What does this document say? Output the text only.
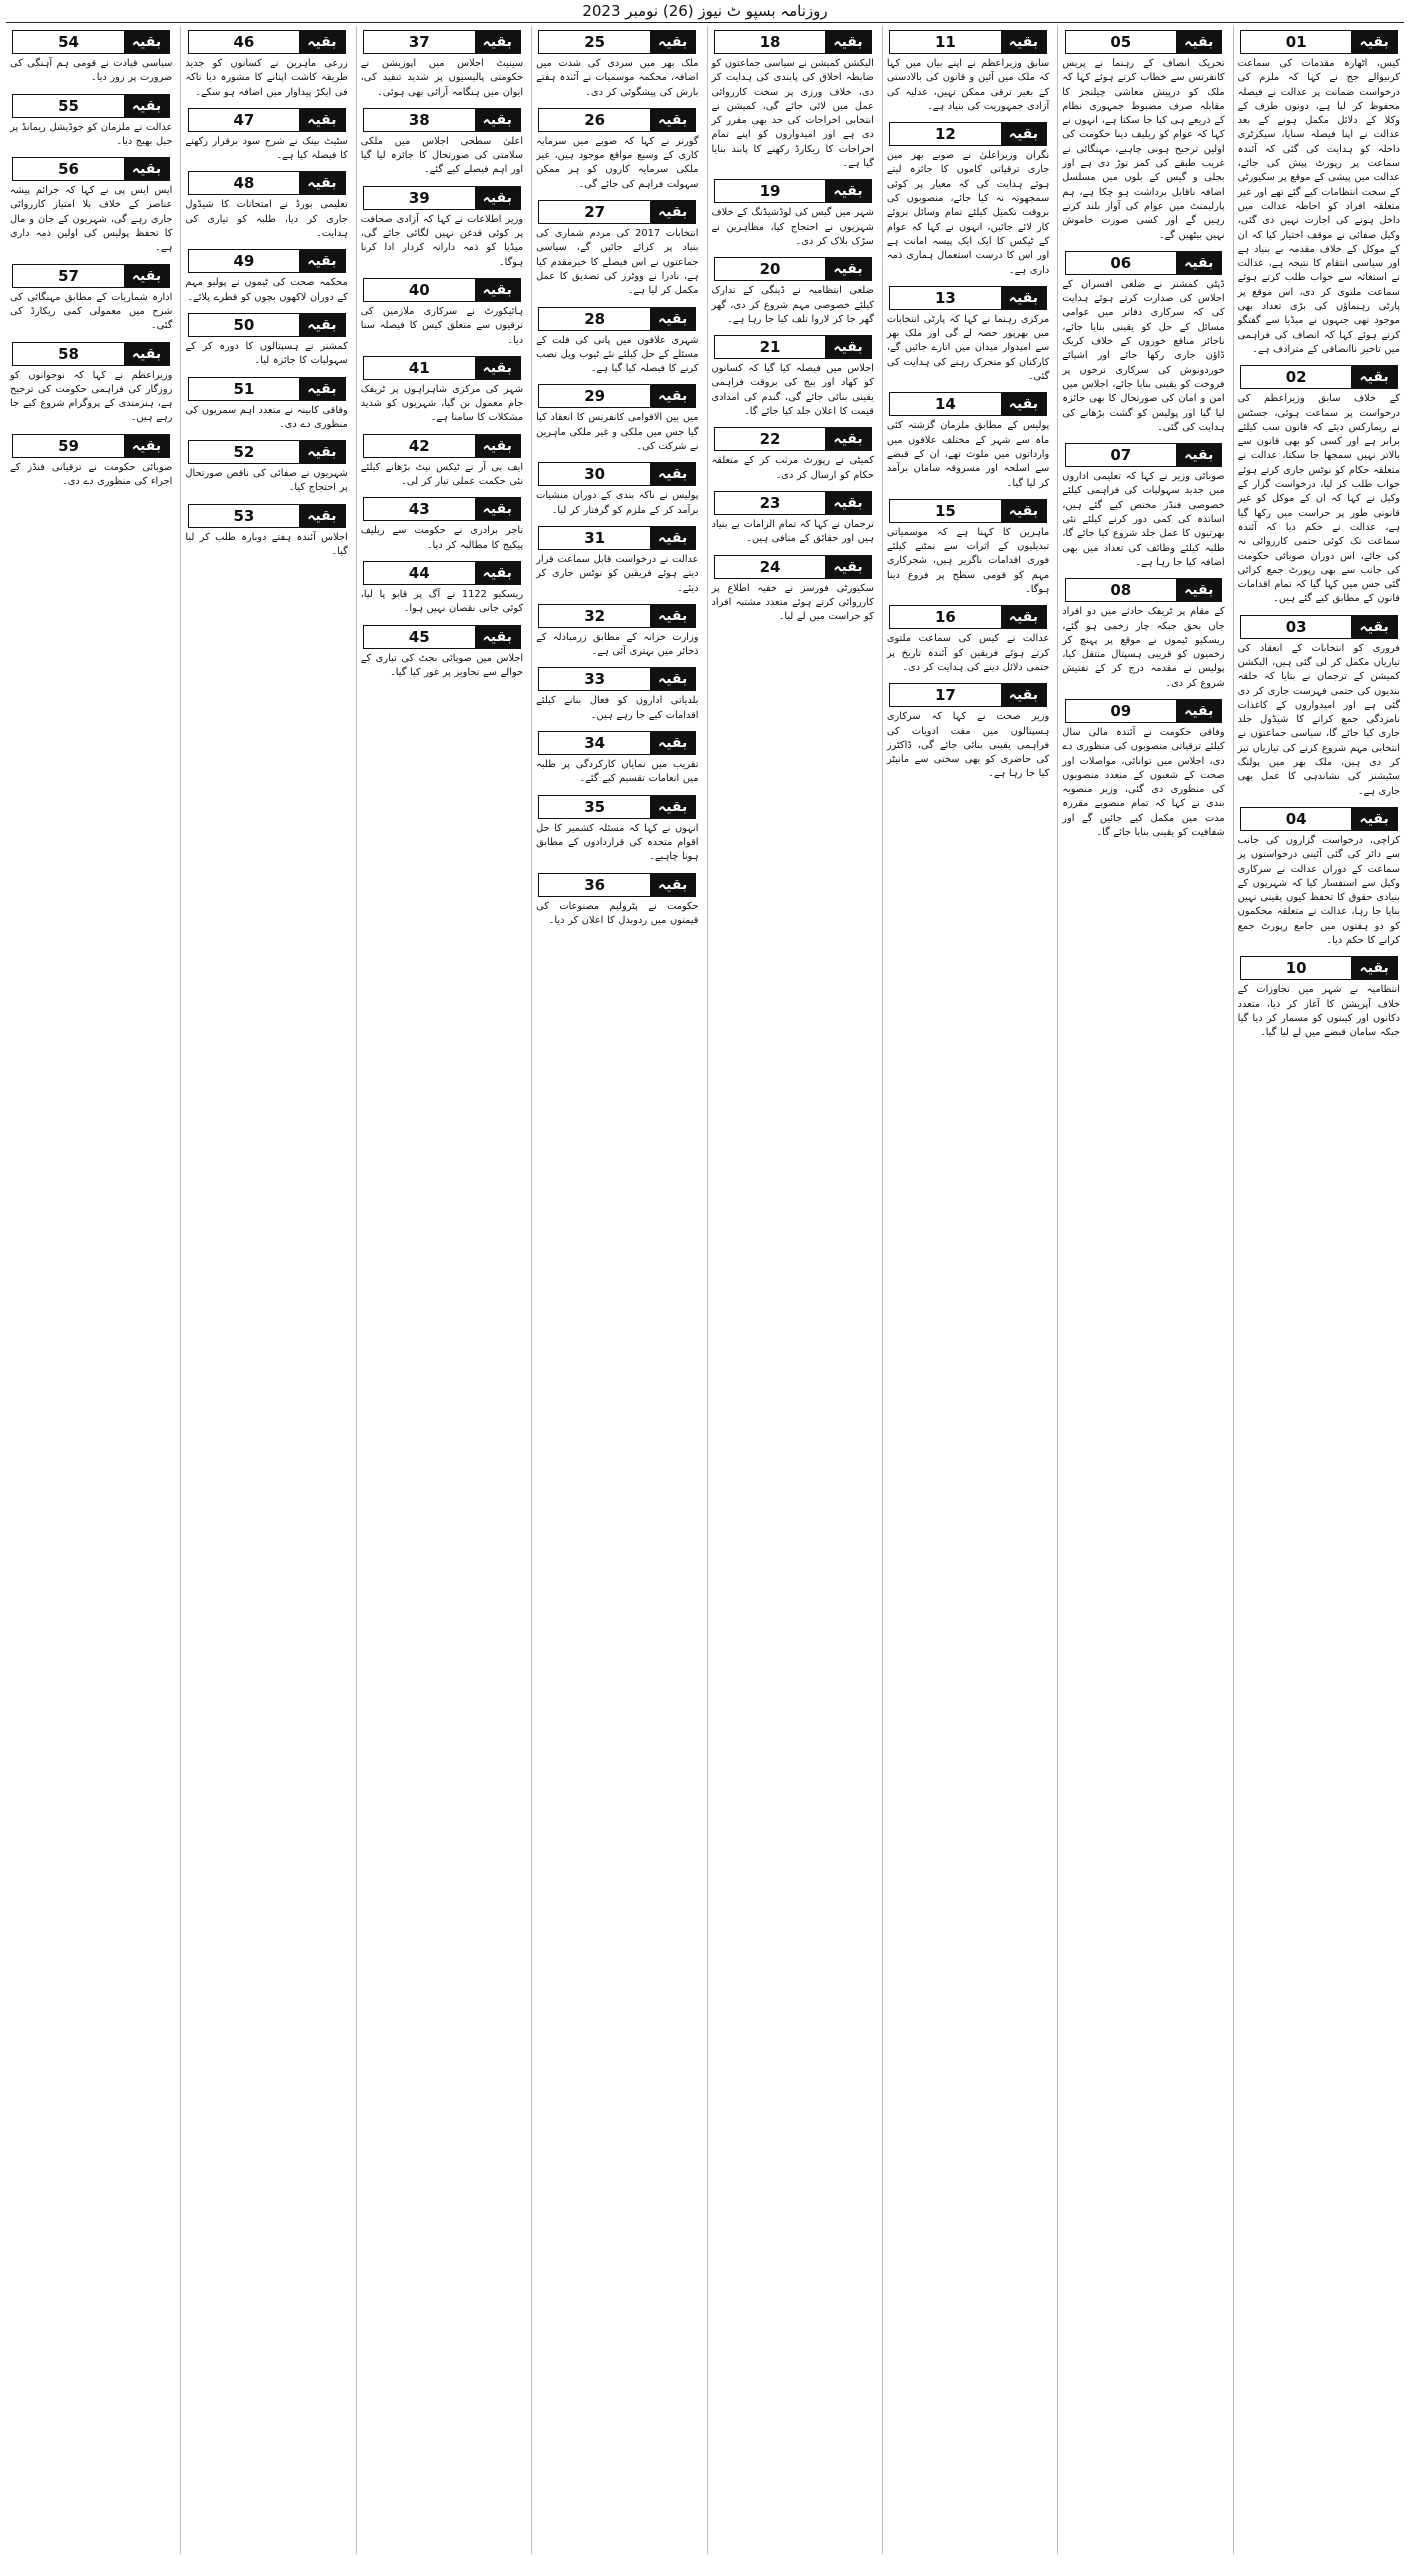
روزنامہ بسپو ٹ نیوز (26) نومبر 2023
بقیہ
01
کیس، اٹھارہ مقدمات کی سماعت کرنیوالے جج نے کہا کہ ملزم کی درخواست ضمانت پر عدالت نے فیصلہ محفوظ کر لیا ہے، دونوں طرف کے وکلا کے دلائل مکمل ہونے کے بعد عدالت نے اپنا فیصلہ سنایا، سیکرٹری داخلہ کو ہدایت کی گئی کہ آئندہ سماعت پر رپورٹ پیش کی جائے، عدالت میں پیشی کے موقع پر سکیورٹی کے سخت انتظامات کیے گئے تھے اور غیر متعلقہ افراد کو احاطہ عدالت میں داخل ہونے کی اجازت نہیں دی گئی، وکیل صفائی نے موقف اختیار کیا کہ ان کے موکل کے خلاف مقدمہ بے بنیاد ہے اور سیاسی انتقام کا نتیجہ ہے، عدالت نے استغاثہ سے جواب طلب کرتے ہوئے سماعت ملتوی کر دی، اس موقع پر پارٹی رہنماؤں کی بڑی تعداد بھی موجود تھی جنہوں نے میڈیا سے گفتگو کرتے ہوئے کہا کہ انصاف کی فراہمی میں تاخیر ناانصافی کے مترادف ہے۔
بقیہ
02
کے خلاف سابق وزیراعظم کی درخواست پر سماعت ہوئی، جسٹس نے ریمارکس دیئے کہ قانون سب کیلئے برابر ہے اور کسی کو بھی قانون سے بالاتر نہیں سمجھا جا سکتا، عدالت نے متعلقہ حکام کو نوٹس جاری کرتے ہوئے جواب طلب کر لیا، درخواست گزار کے وکیل نے کہا کہ ان کے موکل کو غیر قانونی طور پر حراست میں رکھا گیا ہے، عدالت نے حکم دیا کہ آئندہ سماعت تک کوئی حتمی کارروائی نہ کی جائے، اس دوران صوبائی حکومت کی جانب سے بھی رپورٹ جمع کرائی گئی جس میں کہا گیا کہ تمام اقدامات قانون کے مطابق کیے گئے ہیں۔
بقیہ
03
فروری کو انتخابات کے انعقاد کی تیاریاں مکمل کر لی گئی ہیں، الیکشن کمیشن کے ترجمان نے بتایا کہ حلقہ بندیوں کی حتمی فہرست جاری کر دی گئی ہے اور امیدواروں کے کاغذات نامزدگی جمع کرانے کا شیڈول جلد جاری کیا جائے گا، سیاسی جماعتوں نے انتخابی مہم شروع کرنے کی تیاریاں تیز کر دی ہیں، ملک بھر میں پولنگ سٹیشنز کی نشاندہی کا عمل بھی جاری ہے۔
بقیہ
04
کراچی، درخواست گزاروں کی جانب سے دائر کی گئی آئینی درخواستوں پر سماعت کے دوران عدالت نے سرکاری وکیل سے استفسار کیا کہ شہریوں کے بنیادی حقوق کا تحفظ کیوں یقینی نہیں بنایا جا رہا، عدالت نے متعلقہ محکموں کو دو ہفتوں میں جامع رپورٹ جمع کرانے کا حکم دیا۔
بقیہ
10
انتظامیہ نے شہر میں تجاوزات کے خلاف آپریشن کا آغاز کر دیا، متعدد دکانوں اور کیبنوں کو مسمار کر دیا گیا جبکہ سامان قبضے میں لے لیا گیا۔
بقیہ
05
تحریک انصاف کے رہنما نے پریس کانفرنس سے خطاب کرتے ہوئے کہا کہ ملک کو درپیش معاشی چیلنجز کا مقابلہ صرف مضبوط جمہوری نظام کے ذریعے ہی کیا جا سکتا ہے، انہوں نے کہا کہ عوام کو ریلیف دینا حکومت کی اولین ترجیح ہونی چاہیے، مہنگائی نے غریب طبقے کی کمر توڑ دی ہے اور بجلی و گیس کے بلوں میں مسلسل اضافہ ناقابل برداشت ہو چکا ہے، ہم پارلیمنٹ میں عوام کی آواز بلند کرتے رہیں گے اور کسی صورت خاموش نہیں بیٹھیں گے۔
بقیہ
06
ڈپٹی کمشنر نے ضلعی افسران کے اجلاس کی صدارت کرتے ہوئے ہدایت کی کہ سرکاری دفاتر میں عوامی مسائل کے حل کو یقینی بنایا جائے، ناجائز منافع خوروں کے خلاف کریک ڈاؤن جاری رکھا جائے اور اشیائے خوردونوش کی سرکاری نرخوں پر فروخت کو یقینی بنایا جائے، اجلاس میں امن و امان کی صورتحال کا بھی جائزہ لیا گیا اور پولیس کو گشت بڑھانے کی ہدایت کی گئی۔
بقیہ
07
صوبائی وزیر نے کہا کہ تعلیمی اداروں میں جدید سہولیات کی فراہمی کیلئے خصوصی فنڈز مختص کیے گئے ہیں، اساتذہ کی کمی دور کرنے کیلئے نئی بھرتیوں کا عمل جلد شروع کیا جائے گا، طلبہ کیلئے وظائف کی تعداد میں بھی اضافہ کیا جا رہا ہے۔
بقیہ
08
کے مقام پر ٹریفک حادثے میں دو افراد جاں بحق جبکہ چار زخمی ہو گئے، ریسکیو ٹیموں نے موقع پر پہنچ کر زخمیوں کو قریبی ہسپتال منتقل کیا، پولیس نے مقدمہ درج کر کے تفتیش شروع کر دی۔
بقیہ
09
وفاقی حکومت نے آئندہ مالی سال کیلئے ترقیاتی منصوبوں کی منظوری دے دی، اجلاس میں توانائی، مواصلات اور صحت کے شعبوں کے متعدد منصوبوں کی منظوری دی گئی، وزیر منصوبہ بندی نے کہا کہ تمام منصوبے مقررہ مدت میں مکمل کیے جائیں گے اور شفافیت کو یقینی بنایا جائے گا۔
بقیہ
11
سابق وزیراعظم نے اپنے بیان میں کہا کہ ملک میں آئین و قانون کی بالادستی کے بغیر ترقی ممکن نہیں، عدلیہ کی آزادی جمہوریت کی بنیاد ہے۔
بقیہ
12
نگران وزیراعلیٰ نے صوبے بھر میں جاری ترقیاتی کاموں کا جائزہ لیتے ہوئے ہدایت کی کہ معیار پر کوئی سمجھوتہ نہ کیا جائے، منصوبوں کی بروقت تکمیل کیلئے تمام وسائل بروئے کار لائے جائیں، انہوں نے کہا کہ عوام کے ٹیکس کا ایک ایک پیسہ امانت ہے اور اس کا درست استعمال ہماری ذمہ داری ہے۔
بقیہ
13
مرکزی رہنما نے کہا کہ پارٹی انتخابات میں بھرپور حصہ لے گی اور ملک بھر سے امیدوار میدان میں اتارے جائیں گے، کارکنان کو متحرک رہنے کی ہدایت کی گئی۔
بقیہ
14
پولیس کے مطابق ملزمان گزشتہ کئی ماہ سے شہر کے مختلف علاقوں میں وارداتوں میں ملوث تھے، ان کے قبضے سے اسلحہ اور مسروقہ سامان برآمد کر لیا گیا۔
بقیہ
15
ماہرین کا کہنا ہے کہ موسمیاتی تبدیلیوں کے اثرات سے نمٹنے کیلئے فوری اقدامات ناگزیر ہیں، شجرکاری مہم کو قومی سطح پر فروغ دینا ہوگا۔
بقیہ
16
عدالت نے کیس کی سماعت ملتوی کرتے ہوئے فریقین کو آئندہ تاریخ پر حتمی دلائل دینے کی ہدایت کر دی۔
بقیہ
17
وزیر صحت نے کہا کہ سرکاری ہسپتالوں میں مفت ادویات کی فراہمی یقینی بنائی جائے گی، ڈاکٹرز کی حاضری کو بھی سختی سے مانیٹر کیا جا رہا ہے۔
بقیہ
18
الیکشن کمیشن نے سیاسی جماعتوں کو ضابطہ اخلاق کی پابندی کی ہدایت کر دی، خلاف ورزی پر سخت کارروائی عمل میں لائی جائے گی، کمیشن نے انتخابی اخراجات کی حد بھی مقرر کر دی ہے اور امیدواروں کو اپنے تمام اخراجات کا ریکارڈ رکھنے کا پابند بنایا گیا ہے۔
بقیہ
19
شہر میں گیس کی لوڈشیڈنگ کے خلاف شہریوں نے احتجاج کیا، مظاہرین نے سڑک بلاک کر دی۔
بقیہ
20
ضلعی انتظامیہ نے ڈینگی کے تدارک کیلئے خصوصی مہم شروع کر دی، گھر گھر جا کر لاروا تلف کیا جا رہا ہے۔
بقیہ
21
اجلاس میں فیصلہ کیا گیا کہ کسانوں کو کھاد اور بیج کی بروقت فراہمی یقینی بنائی جائے گی، گندم کی امدادی قیمت کا اعلان جلد کیا جائے گا۔
بقیہ
22
کمیٹی نے رپورٹ مرتب کر کے متعلقہ حکام کو ارسال کر دی۔
بقیہ
23
ترجمان نے کہا کہ تمام الزامات بے بنیاد ہیں اور حقائق کے منافی ہیں۔
بقیہ
24
سکیورٹی فورسز نے خفیہ اطلاع پر کارروائی کرتے ہوئے متعدد مشتبہ افراد کو حراست میں لے لیا۔
بقیہ
25
ملک بھر میں سردی کی شدت میں اضافہ، محکمہ موسمیات نے آئندہ ہفتے بارش کی پیشگوئی کر دی۔
بقیہ
26
گورنر نے کہا کہ صوبے میں سرمایہ کاری کے وسیع مواقع موجود ہیں، غیر ملکی سرمایہ کاروں کو ہر ممکن سہولت فراہم کی جائے گی۔
بقیہ
27
انتخابات 2017 کی مردم شماری کی بنیاد پر کرائے جائیں گے، سیاسی جماعتوں نے اس فیصلے کا خیرمقدم کیا ہے، نادرا نے ووٹرز کی تصدیق کا عمل مکمل کر لیا ہے۔
بقیہ
28
شہری علاقوں میں پانی کی قلت کے مسئلے کے حل کیلئے نئے ٹیوب ویل نصب کرنے کا فیصلہ کیا گیا ہے۔
بقیہ
29
میں بین الاقوامی کانفرنس کا انعقاد کیا گیا جس میں ملکی و غیر ملکی ماہرین نے شرکت کی۔
بقیہ
30
پولیس نے ناکہ بندی کے دوران منشیات برآمد کر کے ملزم کو گرفتار کر لیا۔
بقیہ
31
عدالت نے درخواست قابل سماعت قرار دیتے ہوئے فریقین کو نوٹس جاری کر دیئے۔
بقیہ
32
وزارت خزانہ کے مطابق زرمبادلہ کے ذخائر میں بہتری آئی ہے۔
بقیہ
33
بلدیاتی اداروں کو فعال بنانے کیلئے اقدامات کیے جا رہے ہیں۔
بقیہ
34
تقریب میں نمایاں کارکردگی پر طلبہ میں انعامات تقسیم کیے گئے۔
بقیہ
35
انہوں نے کہا کہ مسئلہ کشمیر کا حل اقوام متحدہ کی قراردادوں کے مطابق ہونا چاہیے۔
بقیہ
36
حکومت نے پٹرولیم مصنوعات کی قیمتوں میں ردوبدل کا اعلان کر دیا۔
بقیہ
37
سینیٹ اجلاس میں اپوزیشن نے حکومتی پالیسیوں پر شدید تنقید کی، ایوان میں ہنگامہ آرائی بھی ہوئی۔
بقیہ
38
اعلیٰ سطحی اجلاس میں ملکی سلامتی کی صورتحال کا جائزہ لیا گیا اور اہم فیصلے کیے گئے۔
بقیہ
39
وزیر اطلاعات نے کہا کہ آزادی صحافت پر کوئی قدغن نہیں لگائی جائے گی، میڈیا کو ذمہ دارانہ کردار ادا کرنا ہوگا۔
بقیہ
40
ہائیکورٹ نے سرکاری ملازمین کی ترقیوں سے متعلق کیس کا فیصلہ سنا دیا۔
بقیہ
41
شہر کی مرکزی شاہراہوں پر ٹریفک جام معمول بن گیا، شہریوں کو شدید مشکلات کا سامنا ہے۔
بقیہ
42
ایف بی آر نے ٹیکس نیٹ بڑھانے کیلئے نئی حکمت عملی تیار کر لی۔
بقیہ
43
تاجر برادری نے حکومت سے ریلیف پیکیج کا مطالبہ کر دیا۔
بقیہ
44
ریسکیو 1122 نے آگ پر قابو پا لیا، کوئی جانی نقصان نہیں ہوا۔
بقیہ
45
اجلاس میں صوبائی بجٹ کی تیاری کے حوالے سے تجاویز پر غور کیا گیا۔
بقیہ
46
زرعی ماہرین نے کسانوں کو جدید طریقہ کاشت اپنانے کا مشورہ دیا تاکہ فی ایکڑ پیداوار میں اضافہ ہو سکے۔
بقیہ
47
سٹیٹ بینک نے شرح سود برقرار رکھنے کا فیصلہ کیا ہے۔
بقیہ
48
تعلیمی بورڈ نے امتحانات کا شیڈول جاری کر دیا، طلبہ کو تیاری کی ہدایت۔
بقیہ
49
محکمہ صحت کی ٹیموں نے پولیو مہم کے دوران لاکھوں بچوں کو قطرے پلائے۔
بقیہ
50
کمشنر نے ہسپتالوں کا دورہ کر کے سہولیات کا جائزہ لیا۔
بقیہ
51
وفاقی کابینہ نے متعدد اہم سمریوں کی منظوری دے دی۔
بقیہ
52
شہریوں نے صفائی کی ناقص صورتحال پر احتجاج کیا۔
بقیہ
53
اجلاس آئندہ ہفتے دوبارہ طلب کر لیا گیا۔
بقیہ
54
سیاسی قیادت نے قومی ہم آہنگی کی ضرورت پر زور دیا۔
بقیہ
55
عدالت نے ملزمان کو جوڈیشل ریمانڈ پر جیل بھیج دیا۔
بقیہ
56
ایس ایس پی نے کہا کہ جرائم پیشہ عناصر کے خلاف بلا امتیاز کارروائی جاری رہے گی، شہریوں کے جان و مال کا تحفظ پولیس کی اولین ذمہ داری ہے۔
بقیہ
57
ادارہ شماریات کے مطابق مہنگائی کی شرح میں معمولی کمی ریکارڈ کی گئی۔
بقیہ
58
وزیراعظم نے کہا کہ نوجوانوں کو روزگار کی فراہمی حکومت کی ترجیح ہے، ہنرمندی کے پروگرام شروع کیے جا رہے ہیں۔
بقیہ
59
صوبائی حکومت نے ترقیاتی فنڈز کے اجراء کی منظوری دے دی۔
